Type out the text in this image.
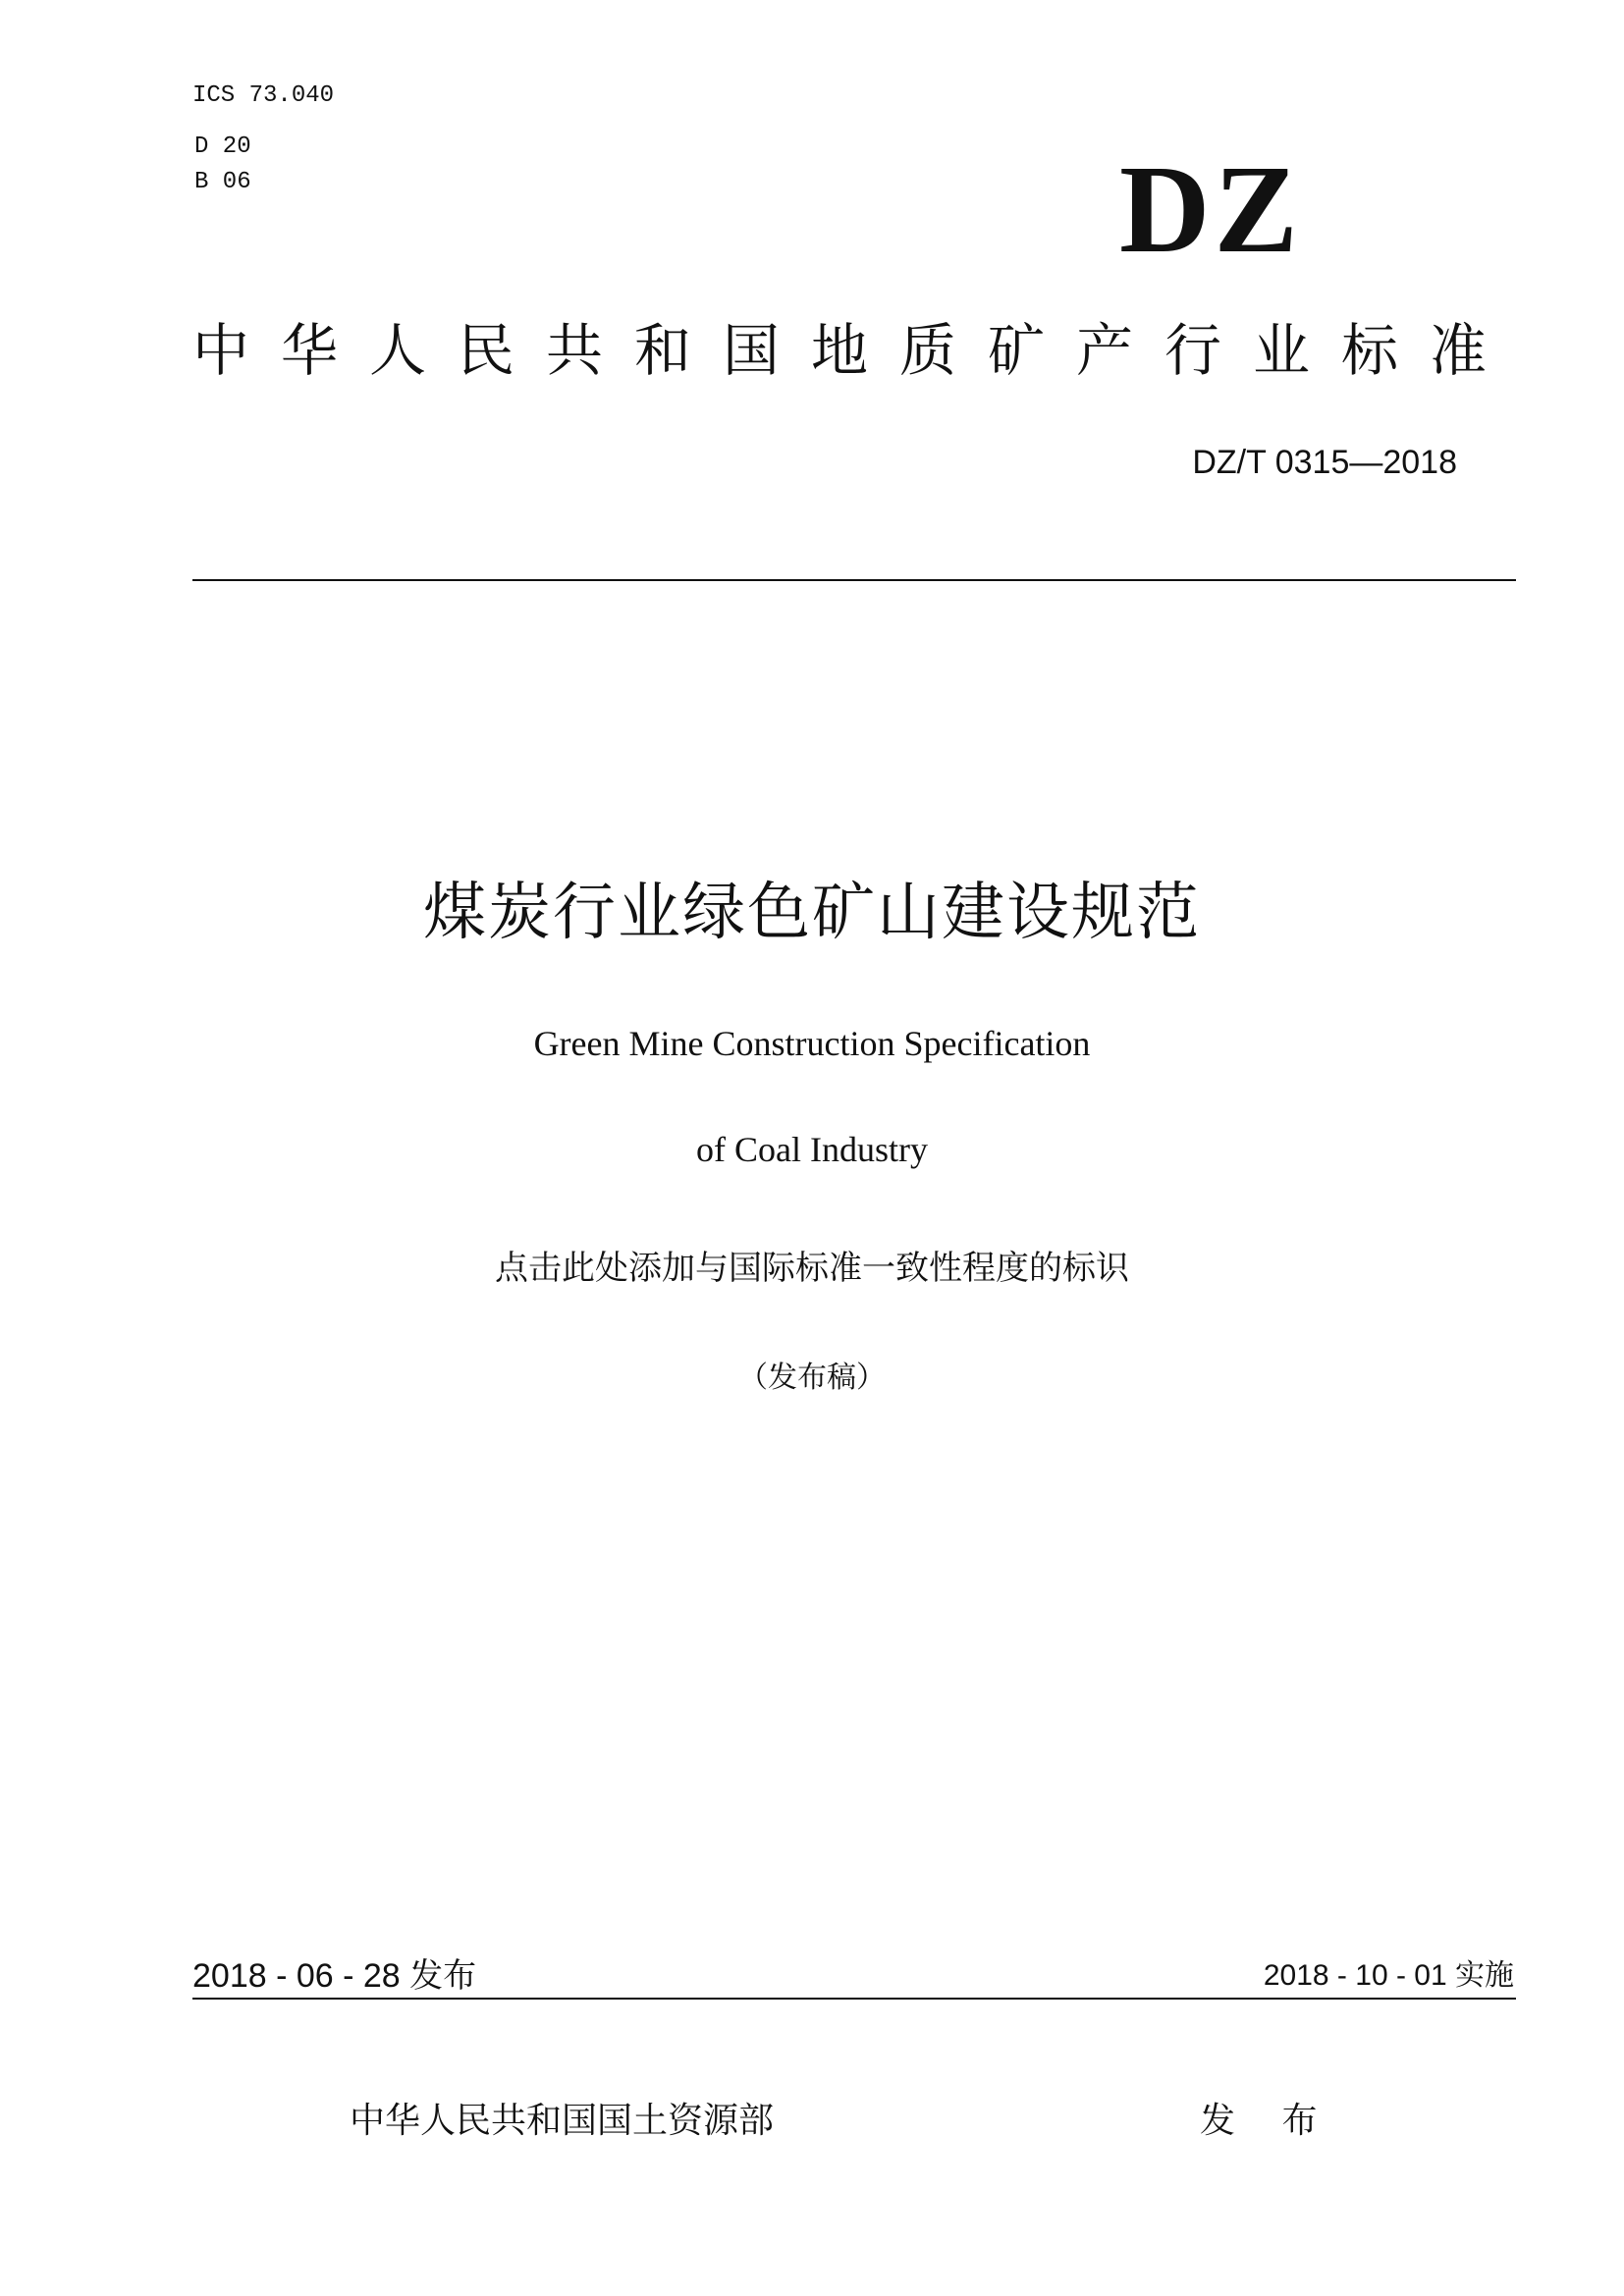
ICS 73.040
D 20
B 06	DZ
中华人民共和国地质矿产行业标准
DZ/T 0315—2018
煤炭行业绿色矿山建设规范
Green Mine Construction Specification
of Coal Industry
点击此处添加与国际标准一致性程度的标识
（发布稿）
2018 - 06 - 28 发布	2018 - 10 - 01 实施
中华人民共和国国土资源部	发 布
